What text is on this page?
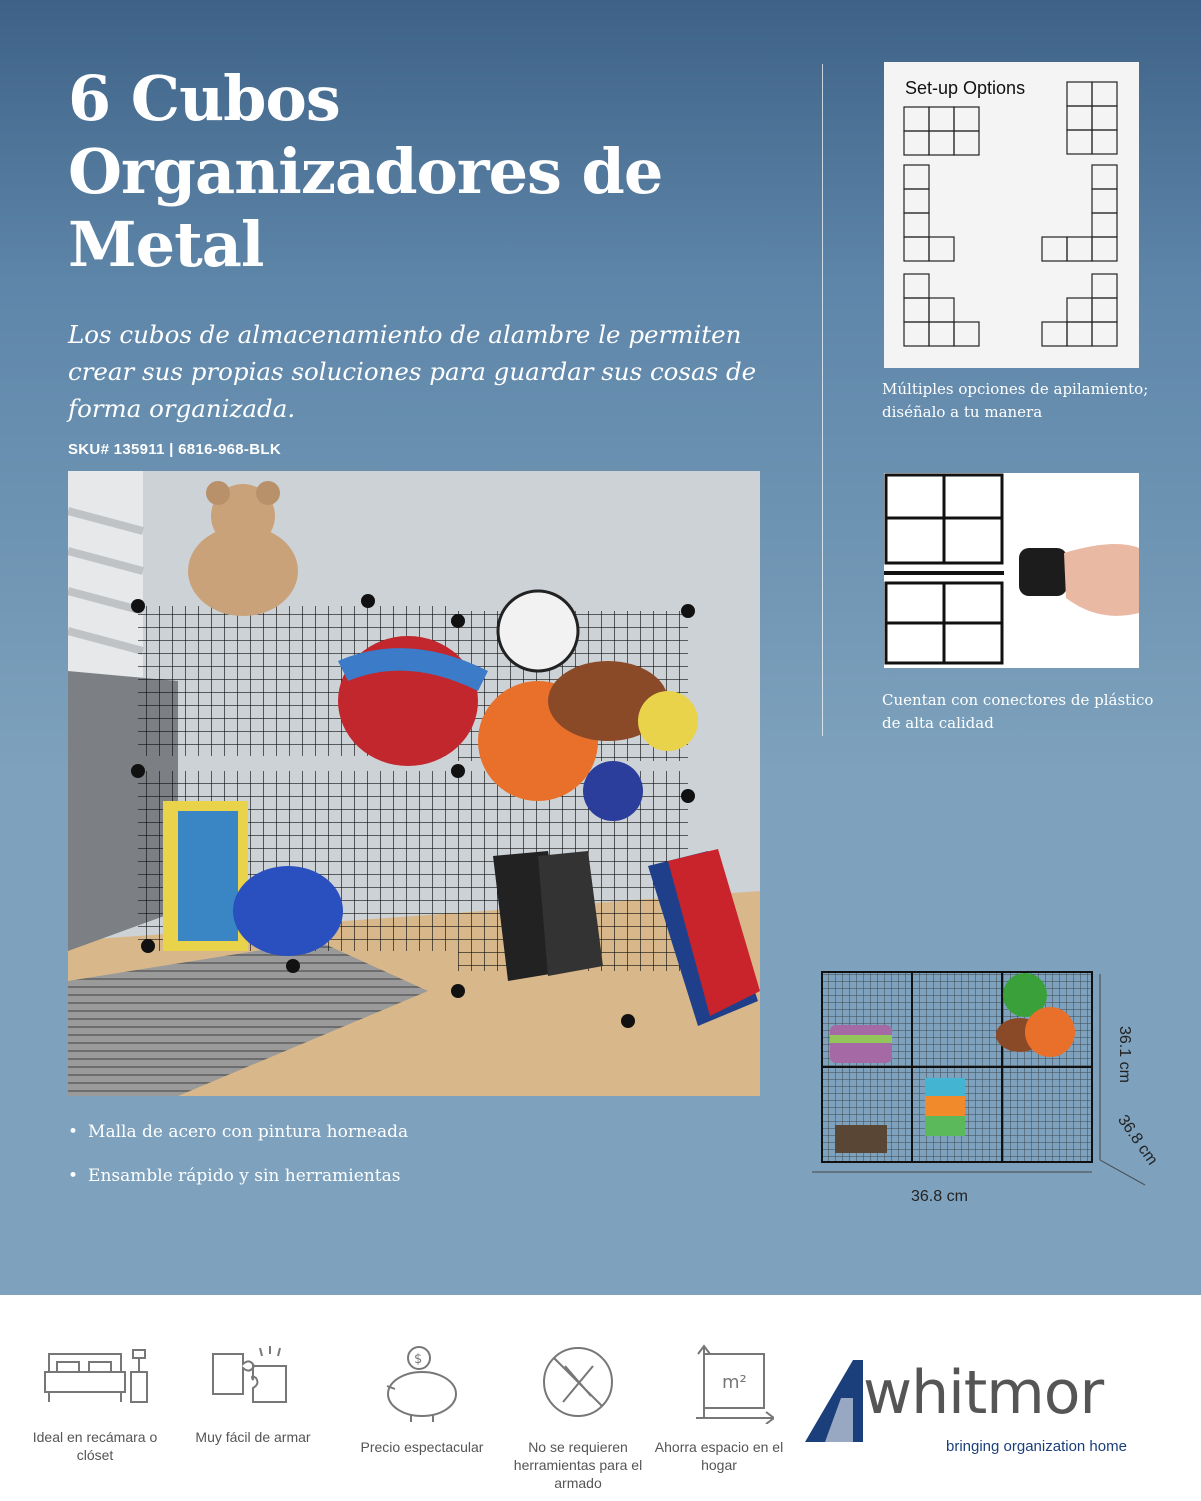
6 Cubos Organizadores de Metal

Los cubos de almacenamiento de alambre le permiten crear sus propias soluciones para guardar sus cosas de forma organizada.

SKU# 135911 | 6816-968-BLK
• Malla de acero con pintura horneada
• Ensamble rápido y sin herramientas
Set-up Options

Múltiples opciones de apilamiento; diséñalo a tu manera

Cuentan con conectores de plástico de alta calidad

36.1 cm
36.8 cm
36.8 cm
Ideal en recámara o clóset
Muy fácil de armar
$
Precio espectacular	No se requieren herramientas para el armado
m²
Ahorra espacio en el hogar
whitmor
bringing organization home
